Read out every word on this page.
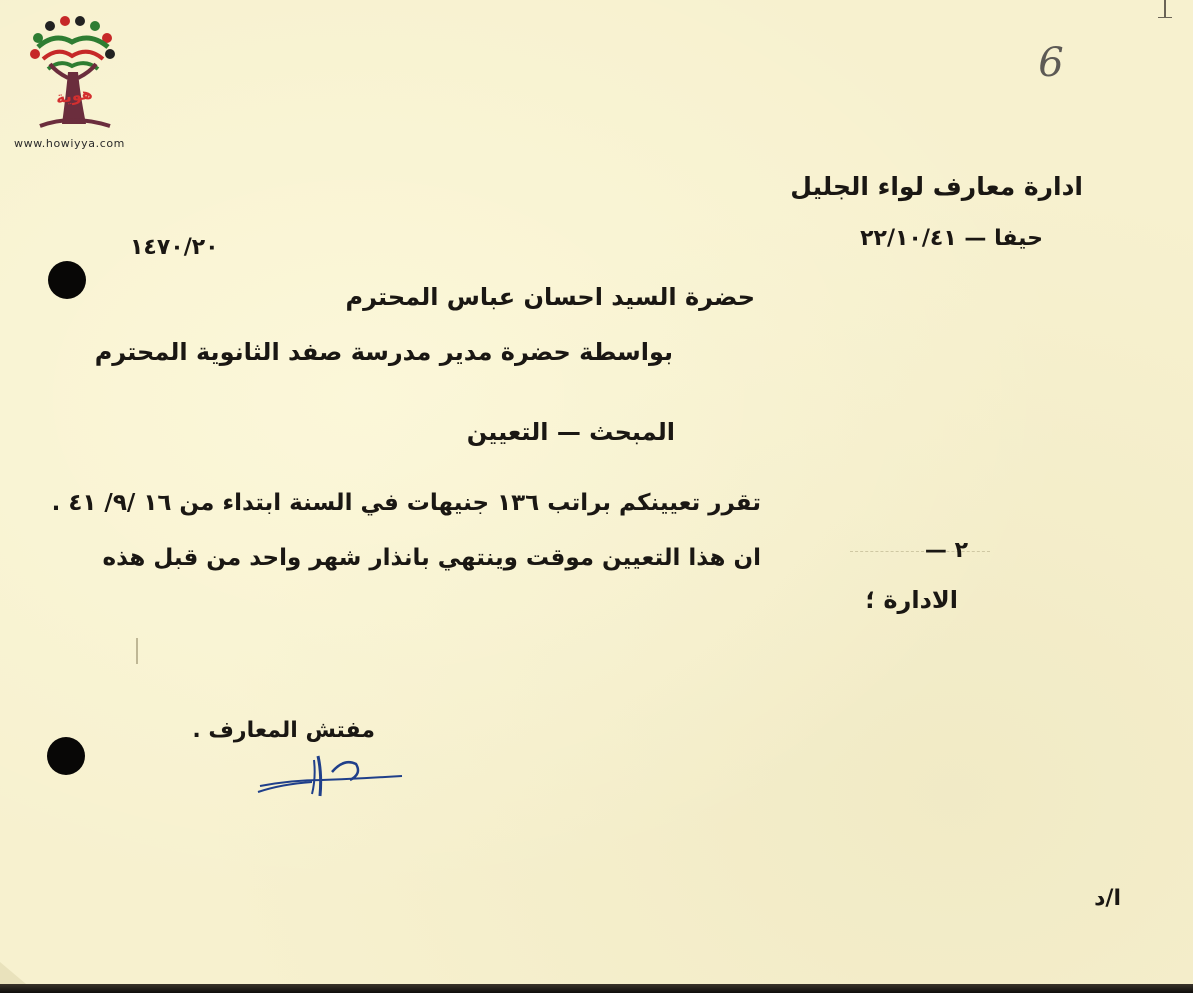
هوية
www.howiyya.com
6
ادارة معارف لواء الجليل
حيفا — ٢٢/١٠/٤١
١٤٧٠/٢٠
حضرة السيد احسان عباس المحترم
بواسطة حضرة مدير مدرسة صفد الثانوية المحترم
المبحث — التعيين
تقرر تعيينكم براتب ١٣٦ جنيهات في السنة ابتداء من ١٦ /٩/ ٤١ .
٢ —
ان هذا التعيين موقت وينتهي بانذار شهر واحد من قبل هذه
الادارة ؛
مفتش المعارف .
ا/د
